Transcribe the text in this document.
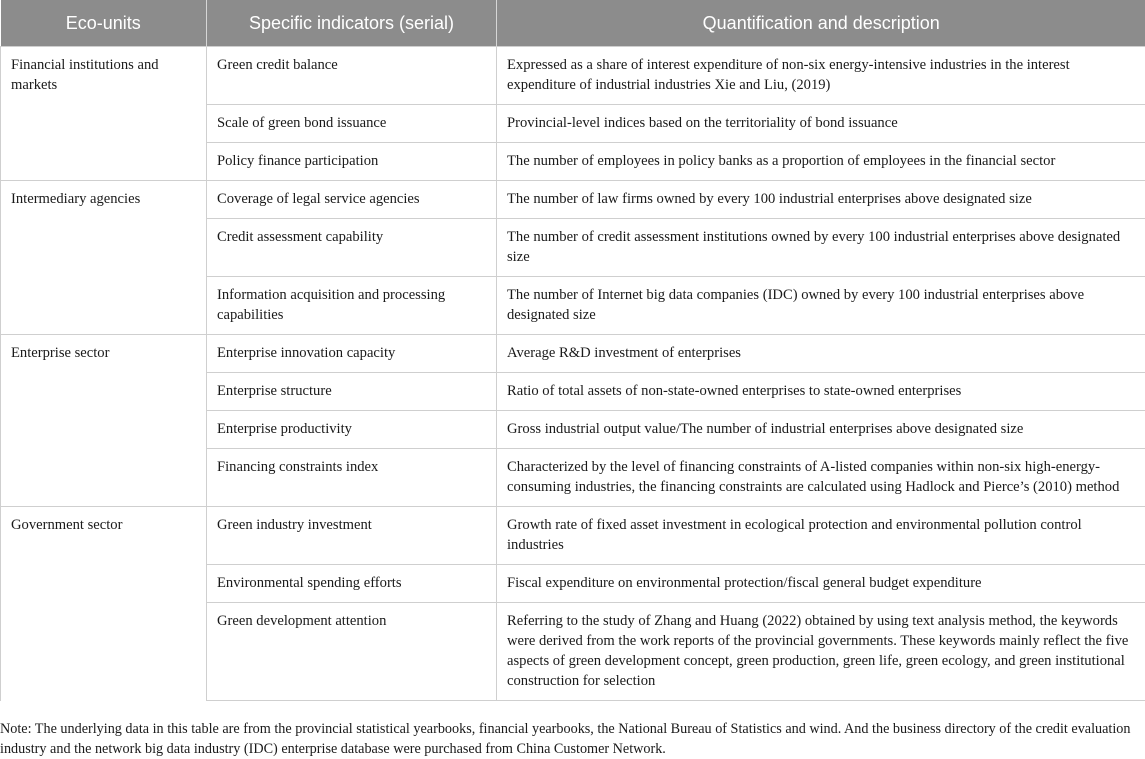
Eco-units	Specific indicators (serial)	Quantification and description
Financial institutions and markets	Green credit balance	Expressed as a share of interest expenditure of non-six energy-intensive industries in the interest expenditure of industrial industries Xie and Liu, (2019)
	Scale of green bond issuance	Provincial-level indices based on the territoriality of bond issuance
	Policy finance participation	The number of employees in policy banks as a proportion of employees in the financial sector
Intermediary agencies	Coverage of legal service agencies	The number of law firms owned by every 100 industrial enterprises above designated size
	Credit assessment capability	The number of credit assessment institutions owned by every 100 industrial enterprises above designated size
	Information acquisition and processing capabilities	The number of Internet big data companies (IDC) owned by every 100 industrial enterprises above designated size
Enterprise sector	Enterprise innovation capacity	Average R&D investment of enterprises
	Enterprise structure	Ratio of total assets of non-state-owned enterprises to state-owned enterprises
	Enterprise productivity	Gross industrial output value/The number of industrial enterprises above designated size
	Financing constraints index	Characterized by the level of financing constraints of A-listed companies within non-six high-energy-consuming industries, the financing constraints are calculated using Hadlock and Pierce’s (2010) method
Government sector	Green industry investment	Growth rate of fixed asset investment in ecological protection and environmental pollution control industries
	Environmental spending efforts	Fiscal expenditure on environmental protection/fiscal general budget expenditure
	Green development attention	Referring to the study of Zhang and Huang (2022) obtained by using text analysis method, the keywords were derived from the work reports of the provincial governments. These keywords mainly reflect the five aspects of green development concept, green production, green life, green ecology, and green institutional construction for selection
Note: The underlying data in this table are from the provincial statistical yearbooks, financial yearbooks, the National Bureau of Statistics and wind. And the business directory of the credit evaluation industry and the network big data industry (IDC) enterprise database were purchased from China Customer Network.
